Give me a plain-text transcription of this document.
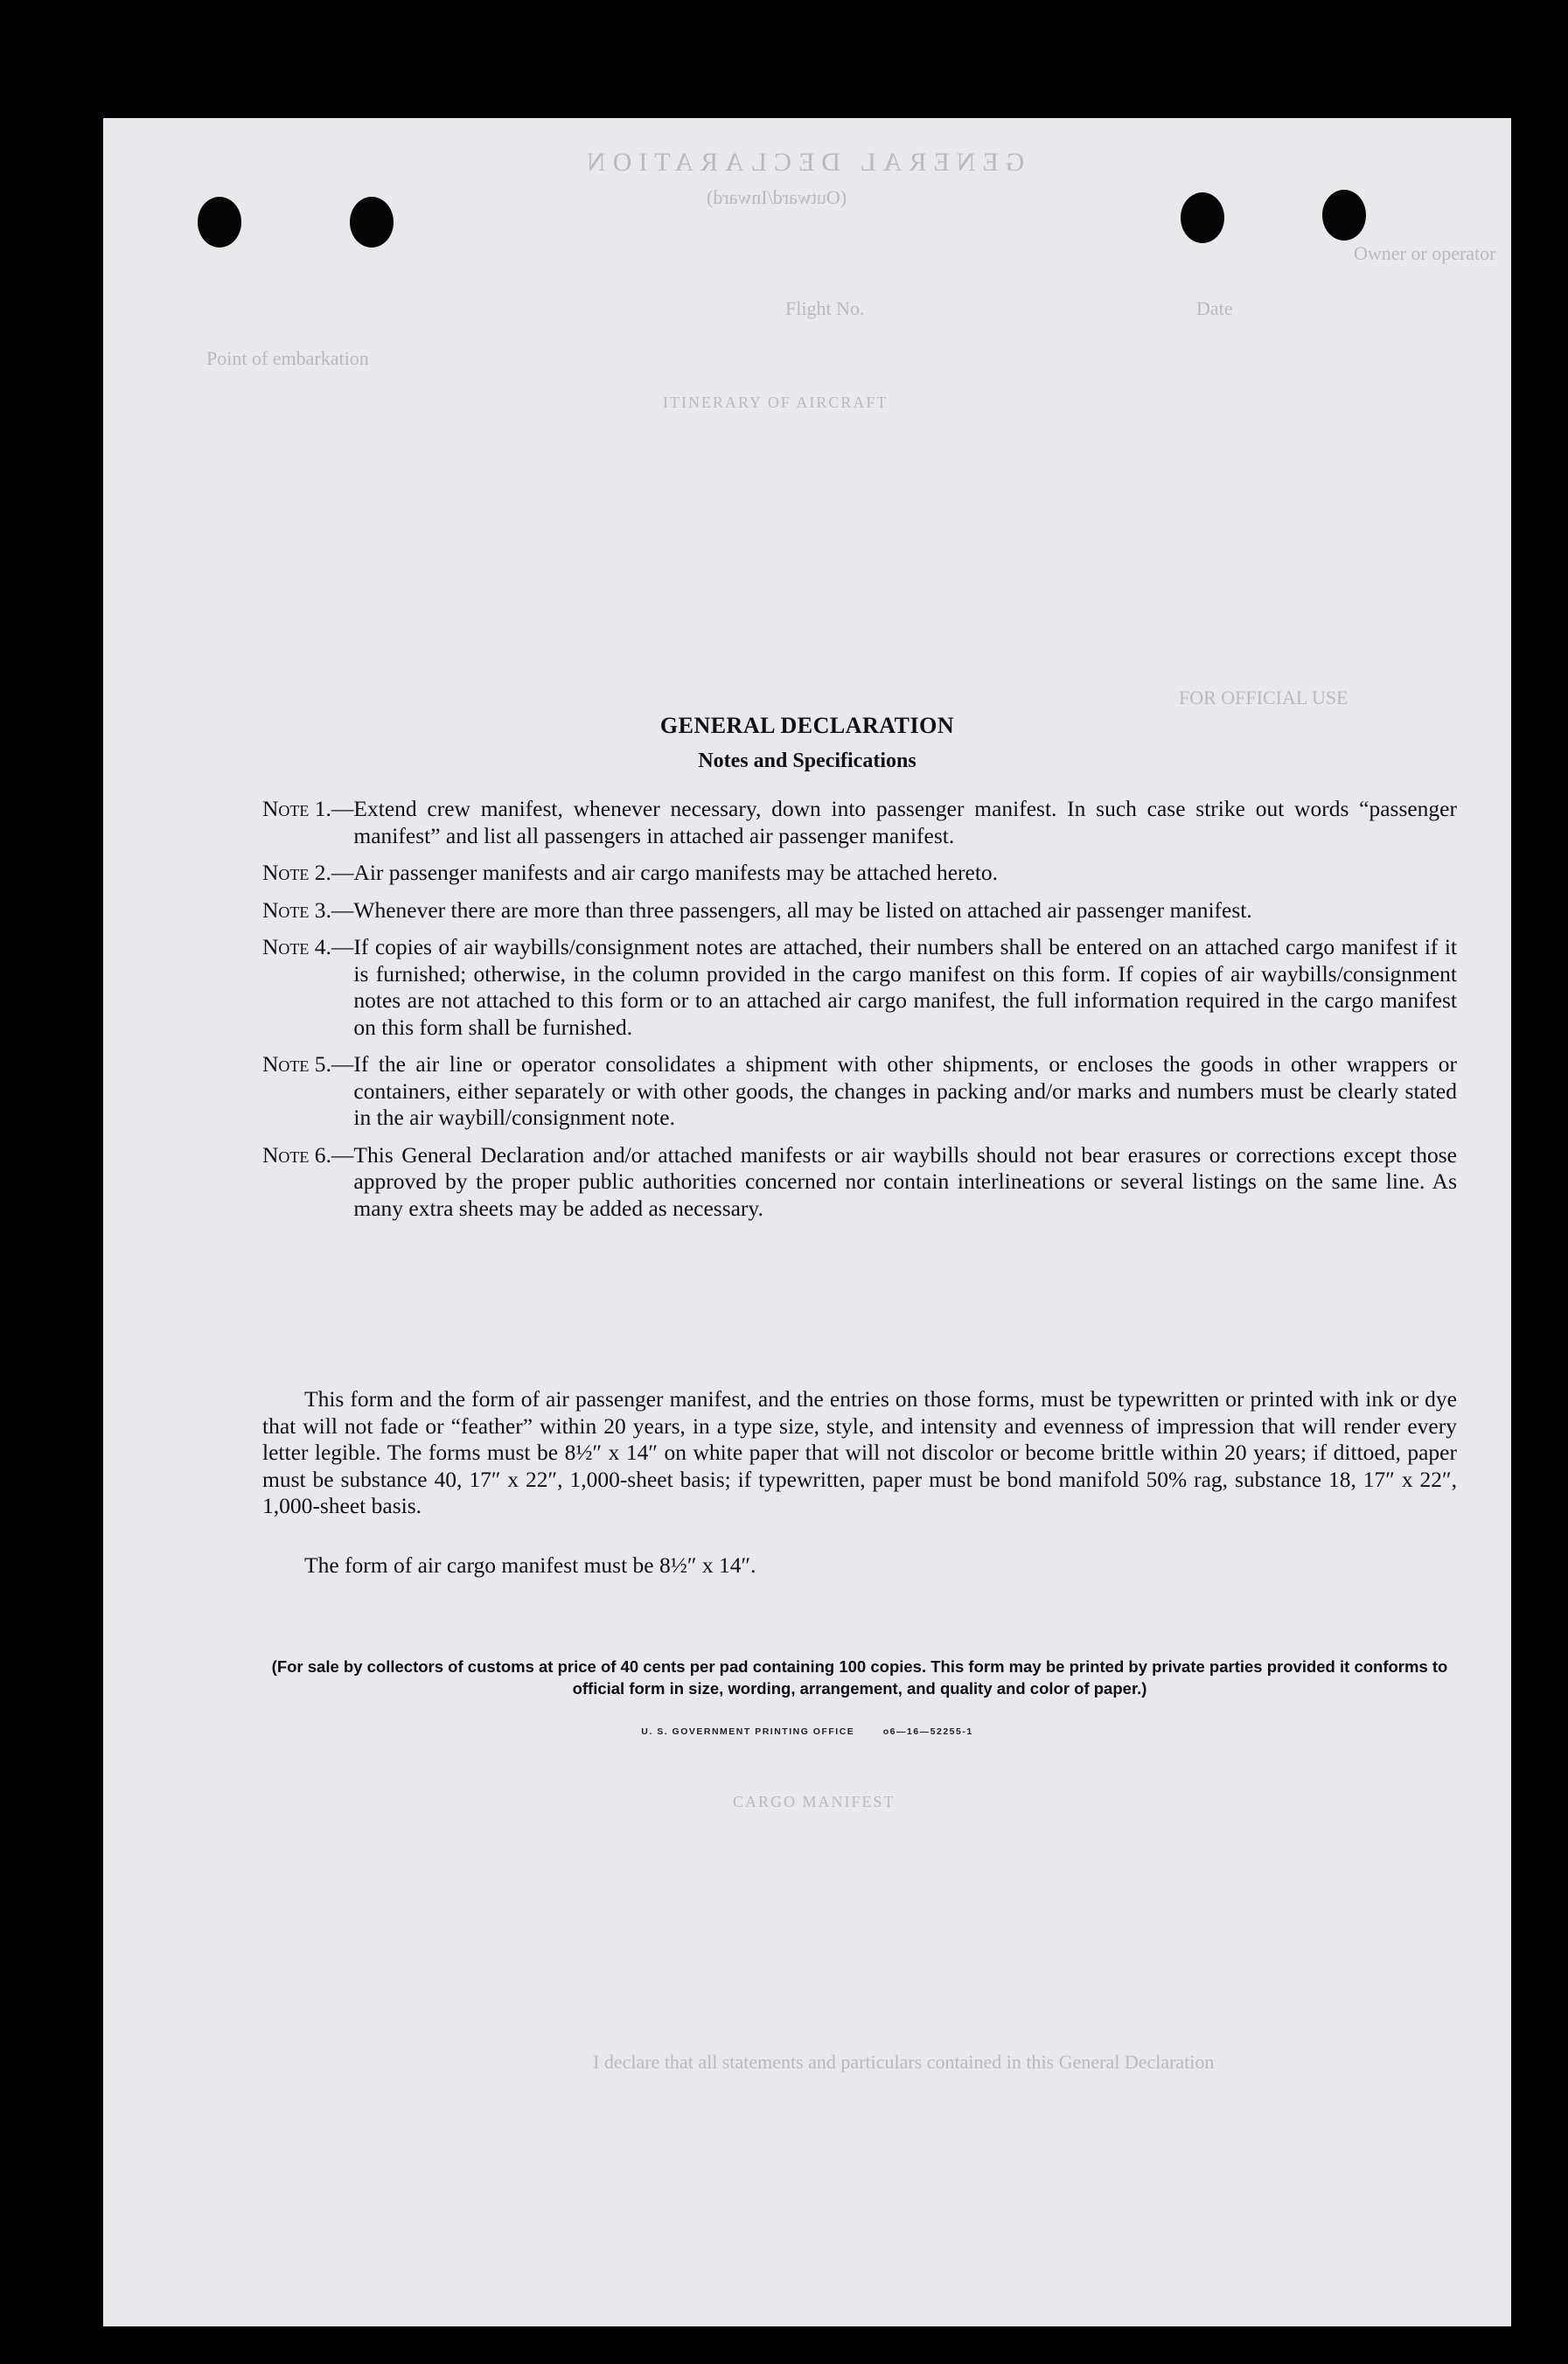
GENERAL DECLARATION
(Outward/Inward)
Owner or operator
Flight No.	Date
Point of embarkation
ITINERARY OF AIRCRAFT
FOR OFFICIAL USE
CARGO MANIFEST
I declare that all statements and particulars contained in this General Declaration
GENERAL DECLARATION
Notes and Specifications
Note 1.— Extend crew manifest, whenever necessary, down into passenger manifest. In such case strike out words “passenger manifest” and list all passengers in attached air passenger manifest.
Note 2.— Air passenger manifests and air cargo manifests may be attached hereto.
Note 3.— Whenever there are more than three passengers, all may be listed on attached air passenger manifest.
Note 4.— If copies of air waybills/consignment notes are attached, their numbers shall be entered on an attached cargo manifest if it is furnished; otherwise, in the column provided in the cargo manifest on this form. If copies of air waybills/consignment notes are not attached to this form or to an attached air cargo manifest, the full information required in the cargo manifest on this form shall be furnished.
Note 5.— If the air line or operator consolidates a shipment with other shipments, or encloses the goods in other wrappers or containers, either separately or with other goods, the changes in packing and/or marks and numbers must be clearly stated in the air waybill/consignment note.
Note 6.— This General Declaration and/or attached manifests or air waybills should not bear erasures or corrections except those approved by the proper public authorities concerned nor contain interlineations or several listings on the same line. As many extra sheets may be added as necessary.
This form and the form of air passenger manifest, and the entries on those forms, must be typewritten or printed with ink or dye that will not fade or “feather” within 20 years, in a type size, style, and intensity and evenness of impression that will render every letter legible. The forms must be 8½″ x 14″ on white paper that will not discolor or become brittle within 20 years; if dittoed, paper must be substance 40, 17″ x 22″, 1,000-sheet basis; if typewritten, paper must be bond manifold 50% rag, substance 18, 17″ x 22″, 1,000-sheet basis.
The form of air cargo manifest must be 8½″ x 14″.
(For sale by collectors of customs at price of 40 cents per pad containing 100 copies. This form may be printed by private parties provided it conforms to official form in size, wording, arrangement, and quality and color of paper.)
U. S. GOVERNMENT PRINTING OFFICE	o6—16—52255-1
